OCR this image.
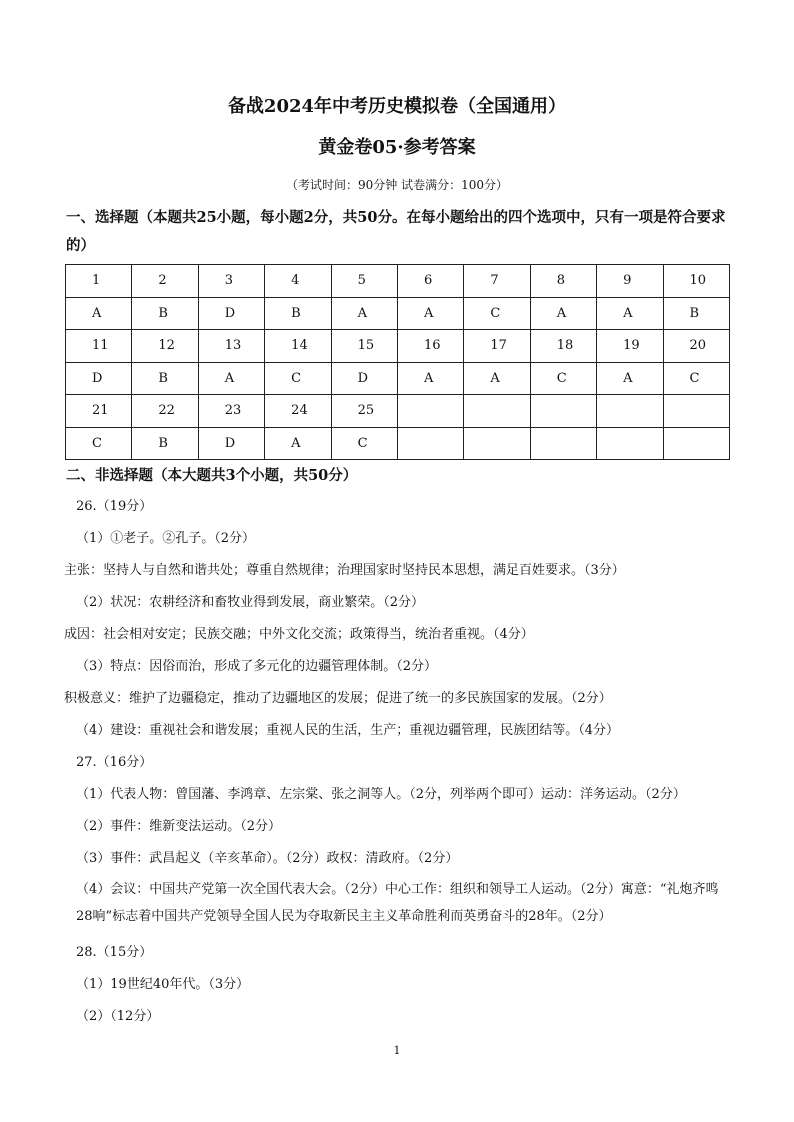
备战2024年中考历史模拟卷（全国通用）
黄金卷05·参考答案
（考试时间：90分钟 试卷满分：100分）
一、选择题（本题共25小题，每小题2分，共50分。在每小题给出的四个选项中，只有一项是符合要求的）
1	2	3	4	5	6	7	8	9	10
A	B	D	B	A	A	C	A	A	B
11	12	13	14	15	16	17	18	19	20
D	B	A	C	D	A	A	C	A	C
21	22	23	24	25					
C	B	D	A	C					
二、非选择题（本大题共3个小题，共50分）
26.（19分）
（1）①老子。②孔子。（2分）
主张：坚持人与自然和谐共处；尊重自然规律；治理国家时坚持民本思想，满足百姓要求。（3分）
（2）状况：农耕经济和畜牧业得到发展，商业繁荣。（2分）
成因：社会相对安定；民族交融；中外文化交流；政策得当，统治者重视。（4分）
（3）特点：因俗而治，形成了多元化的边疆管理体制。（2分）
积极意义：维护了边疆稳定，推动了边疆地区的发展；促进了统一的多民族国家的发展。（2分）
（4）建设：重视社会和谐发展；重视人民的生活，生产；重视边疆管理，民族团结等。（4分）
27.（16分）
（1）代表人物：曾国藩、李鸿章、左宗棠、张之洞等人。（2分，列举两个即可）运动：洋务运动。（2分）
（2）事件：维新变法运动。（2分）
（3）事件：武昌起义（辛亥革命）。（2分）政权：清政府。（2分）
（4）会议：中国共产党第一次全国代表大会。（2分）中心工作：组织和领导工人运动。（2分）寓意：“礼炮齐鸣28响”标志着中国共产党领导全国人民为夺取新民主主义革命胜利而英勇奋斗的28年。（2分）
28.（15分）
（1）19世纪40年代。（3分）
（2）（12分）
1
